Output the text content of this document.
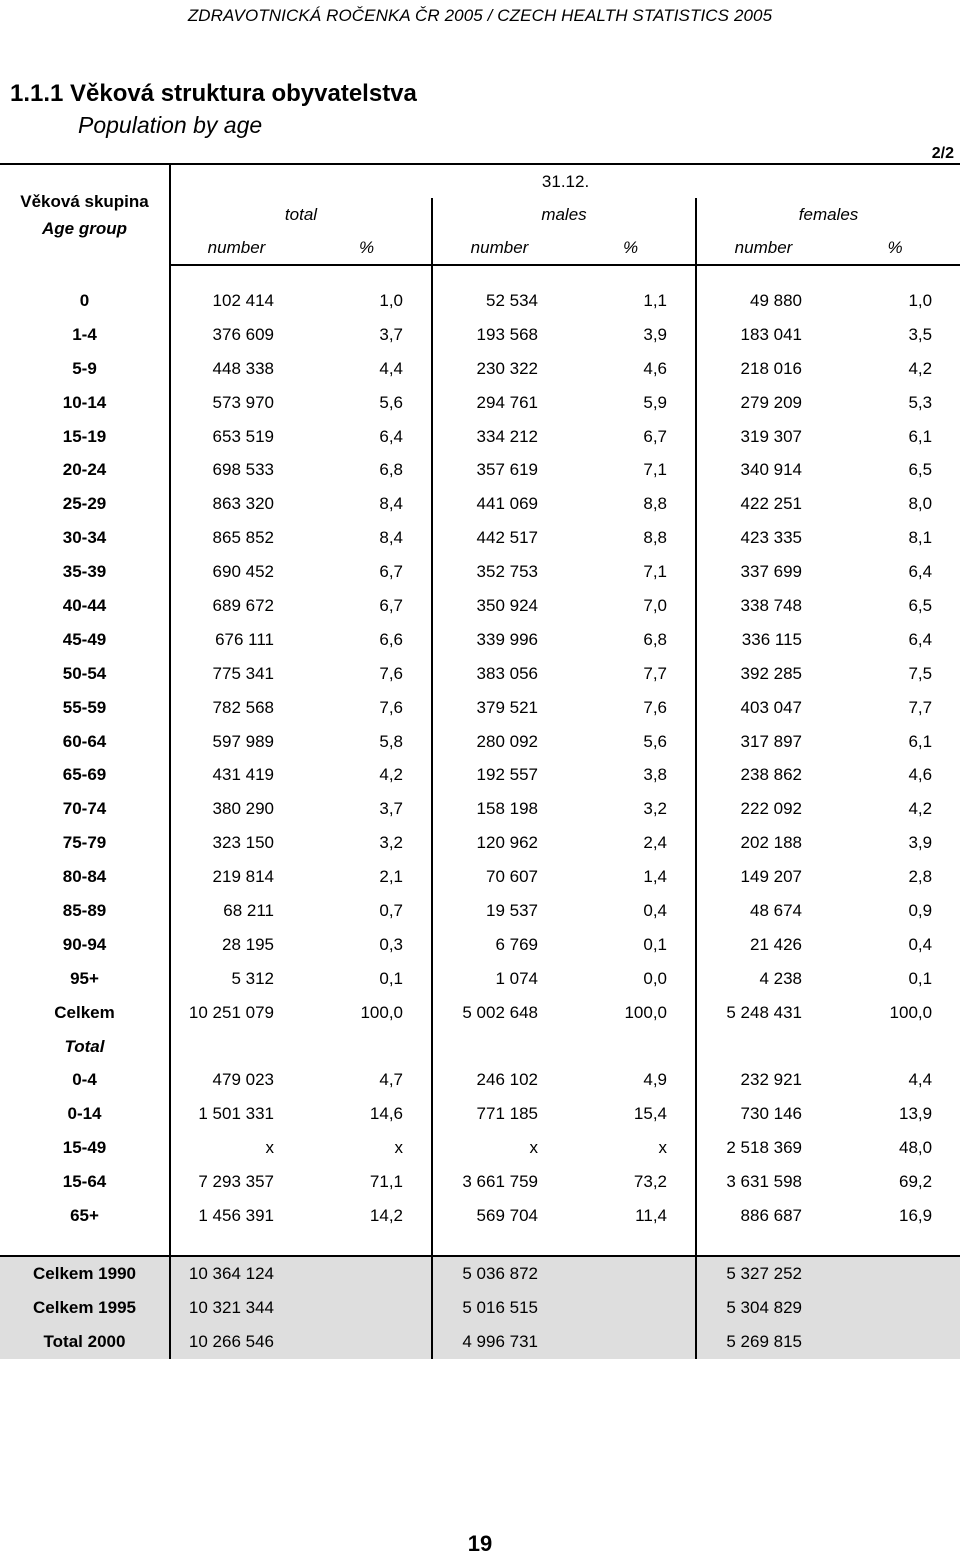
ZDRAVOTNICKÁ ROČENKA ČR 2005 / CZECH HEALTH STATISTICS 2005
1.1.1 Věková struktura obyvatelstva
Population by age
2/2
Věková skupina
Age group	31.12.					
	total		males		females	
	number	%	number	%	number	%

0	102 414	1,0	52 534	1,1	49 880	1,0
1-4	376 609	3,7	193 568	3,9	183 041	3,5
5-9	448 338	4,4	230 322	4,6	218 016	4,2
10-14	573 970	5,6	294 761	5,9	279 209	5,3
15-19	653 519	6,4	334 212	6,7	319 307	6,1
20-24	698 533	6,8	357 619	7,1	340 914	6,5
25-29	863 320	8,4	441 069	8,8	422 251	8,0
30-34	865 852	8,4	442 517	8,8	423 335	8,1
35-39	690 452	6,7	352 753	7,1	337 699	6,4
40-44	689 672	6,7	350 924	7,0	338 748	6,5
45-49	676 111	6,6	339 996	6,8	336 115	6,4
50-54	775 341	7,6	383 056	7,7	392 285	7,5
55-59	782 568	7,6	379 521	7,6	403 047	7,7
60-64	597 989	5,8	280 092	5,6	317 897	6,1
65-69	431 419	4,2	192 557	3,8	238 862	4,6
70-74	380 290	3,7	158 198	3,2	222 092	4,2
75-79	323 150	3,2	120 962	2,4	202 188	3,9
80-84	219 814	2,1	70 607	1,4	149 207	2,8
85-89	68 211	0,7	19 537	0,4	48 674	0,9
90-94	28 195	0,3	6 769	0,1	21 426	0,4
95+	5 312	0,1	1 074	0,0	4 238	0,1
Celkem	10 251 079	100,0	5 002 648	100,0	5 248 431	100,0
Total						
0-4	479 023	4,7	246 102	4,9	232 921	4,4
0-14	1 501 331	14,6	771 185	15,4	730 146	13,9
15-49	x	x	x	x	2 518 369	48,0
15-64	7 293 357	71,1	3 661 759	73,2	3 631 598	69,2
65+	1 456 391	14,2	569 704	11,4	886 687	16,9

Celkem 1990	10 364 124		5 036 872		5 327 252	
Celkem 1995	10 321 344		5 016 515		5 304 829	
Total 2000	10 266 546		4 996 731		5 269 815	
19
